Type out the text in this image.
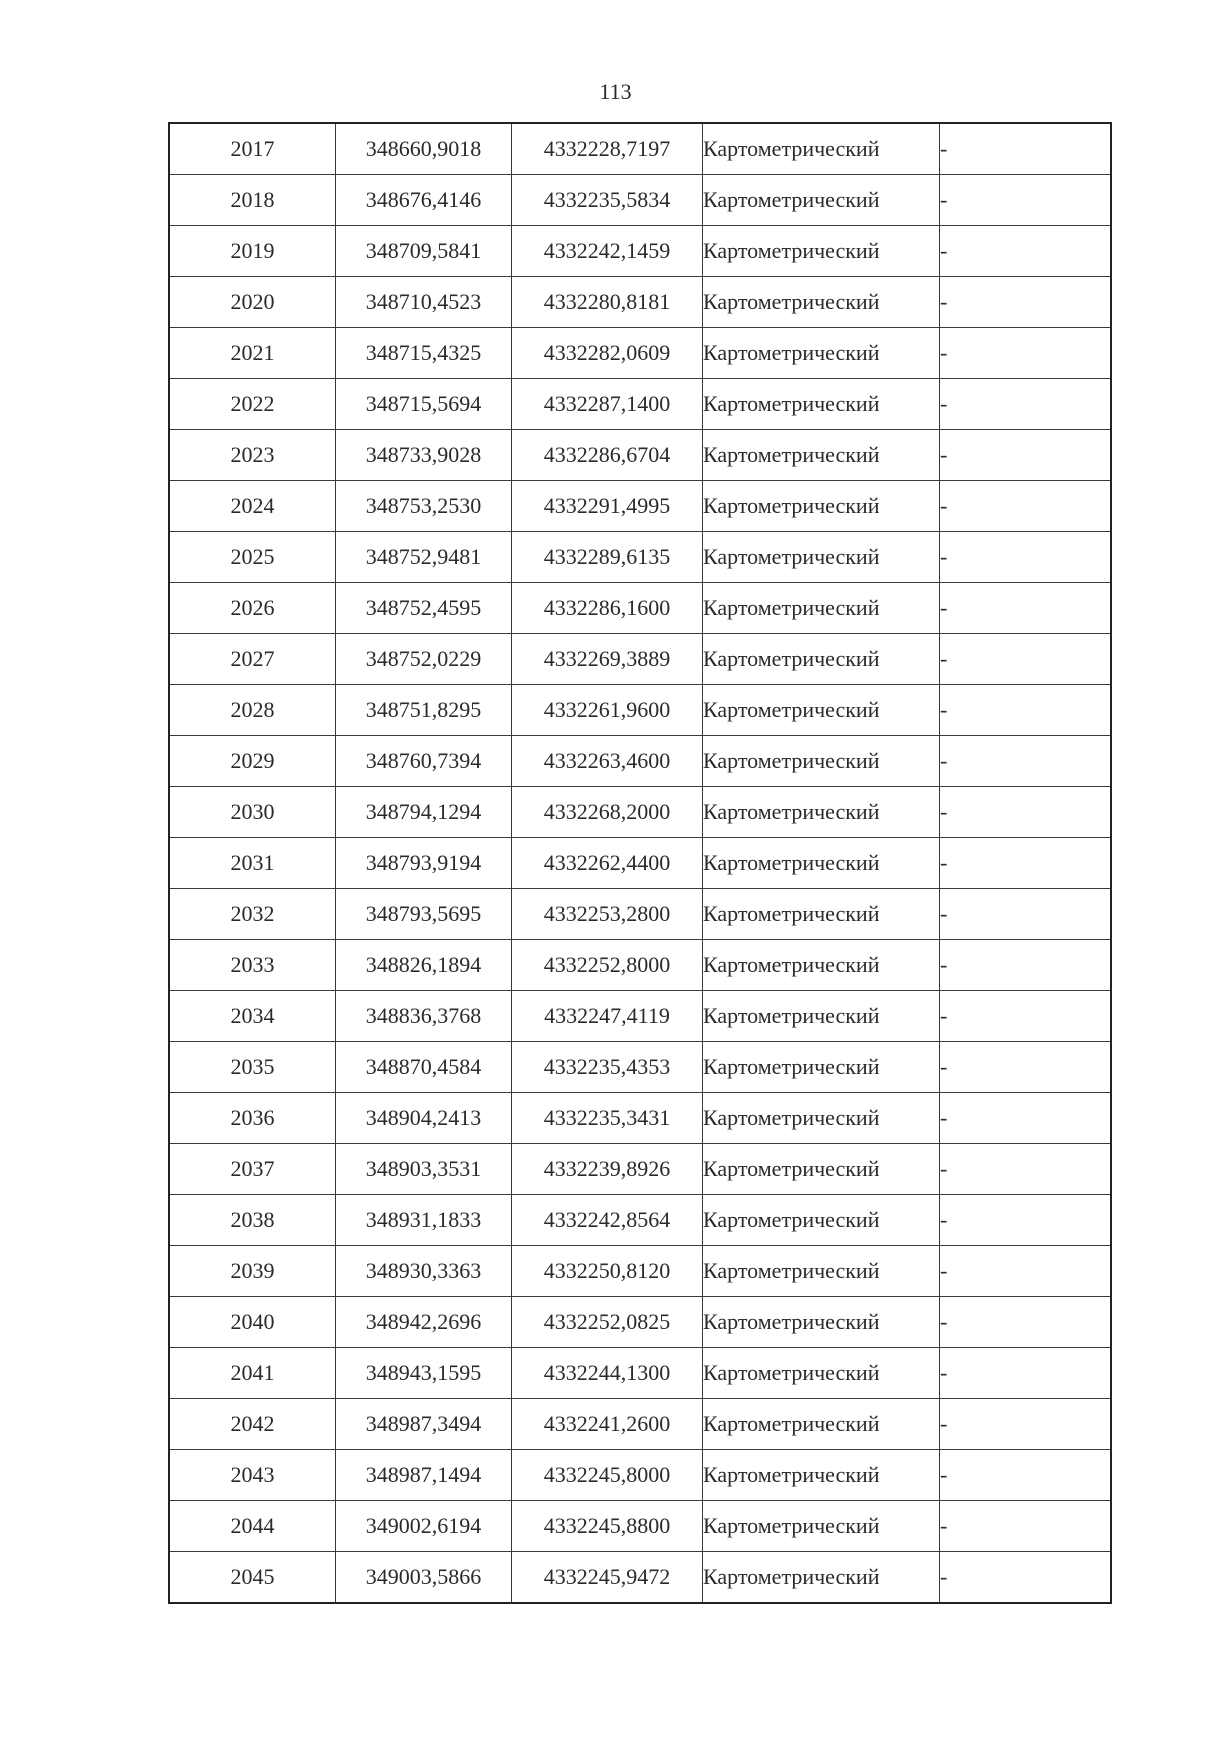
113
2017	348660,9018	4332228,7197	Картометрический	-
2018	348676,4146	4332235,5834	Картометрический	-
2019	348709,5841	4332242,1459	Картометрический	-
2020	348710,4523	4332280,8181	Картометрический	-
2021	348715,4325	4332282,0609	Картометрический	-
2022	348715,5694	4332287,1400	Картометрический	-
2023	348733,9028	4332286,6704	Картометрический	-
2024	348753,2530	4332291,4995	Картометрический	-
2025	348752,9481	4332289,6135	Картометрический	-
2026	348752,4595	4332286,1600	Картометрический	-
2027	348752,0229	4332269,3889	Картометрический	-
2028	348751,8295	4332261,9600	Картометрический	-
2029	348760,7394	4332263,4600	Картометрический	-
2030	348794,1294	4332268,2000	Картометрический	-
2031	348793,9194	4332262,4400	Картометрический	-
2032	348793,5695	4332253,2800	Картометрический	-
2033	348826,1894	4332252,8000	Картометрический	-
2034	348836,3768	4332247,4119	Картометрический	-
2035	348870,4584	4332235,4353	Картометрический	-
2036	348904,2413	4332235,3431	Картометрический	-
2037	348903,3531	4332239,8926	Картометрический	-
2038	348931,1833	4332242,8564	Картометрический	-
2039	348930,3363	4332250,8120	Картометрический	-
2040	348942,2696	4332252,0825	Картометрический	-
2041	348943,1595	4332244,1300	Картометрический	-
2042	348987,3494	4332241,2600	Картометрический	-
2043	348987,1494	4332245,8000	Картометрический	-
2044	349002,6194	4332245,8800	Картометрический	-
2045	349003,5866	4332245,9472	Картометрический	-
